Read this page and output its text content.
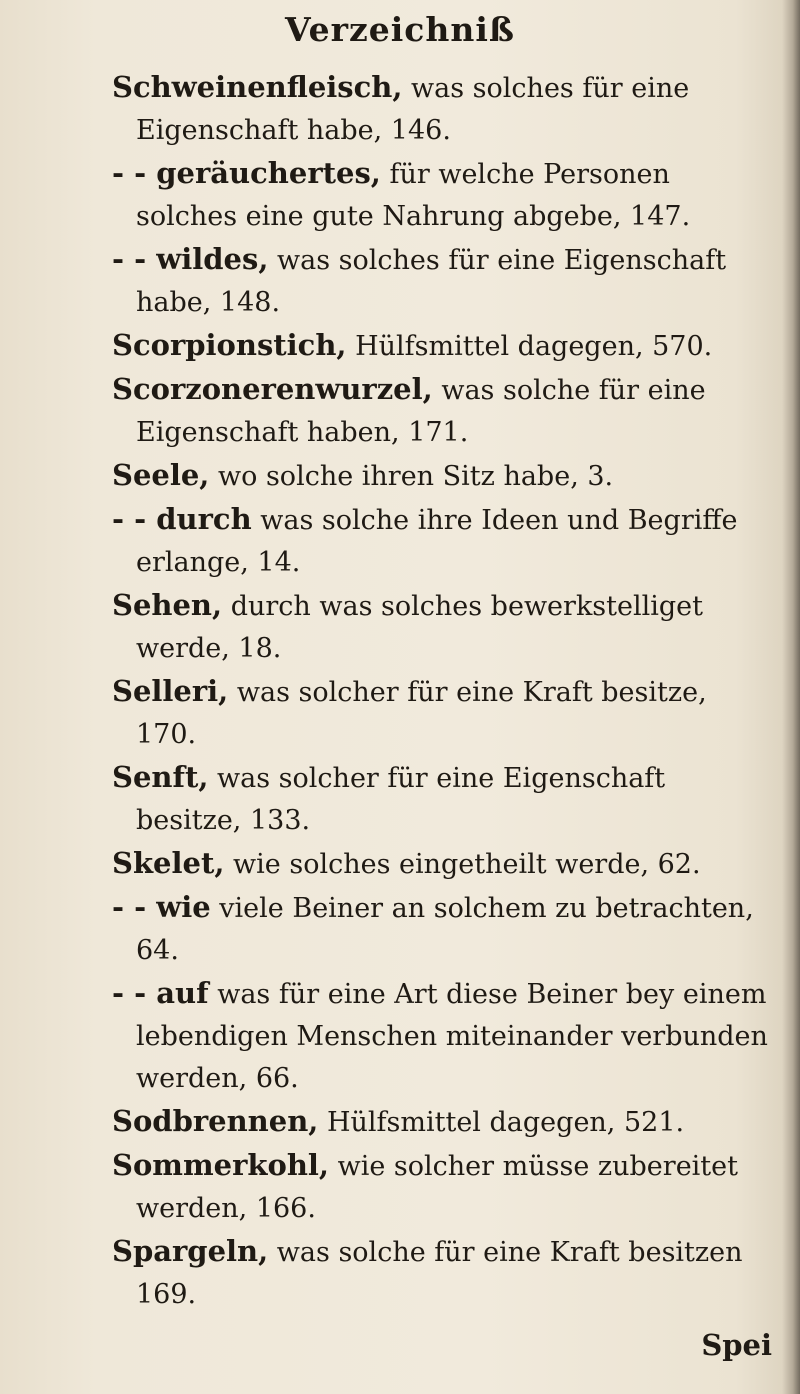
Verzeichniß

Schweinenfleisch, was solches für eine Eigenschaft habe, 146.

- - geräuchertes, für welche Personen solches eine gute Nahrung abgebe, 147.

- - wildes, was solches für eine Eigenschaft habe, 148.

Scorpionstich, Hülfsmittel dagegen, 570.

Scorzonerenwurzel, was solche für eine Eigenschaft haben, 171.

Seele, wo solche ihren Sitz habe, 3.

- - durch was solche ihre Ideen und Begriffe erlange, 14.

Sehen, durch was solches bewerkstelliget werde, 18.

Selleri, was solcher für eine Kraft besitze, 170.

Senft, was solcher für eine Eigenschaft besitze, 133.

Skelet, wie solches eingetheilt werde, 62.

- - wie viele Beiner an solchem zu betrachten, 64.

- - auf was für eine Art diese Beiner bey einem lebendigen Menschen miteinander verbunden werden, 66.

Sodbrennen, Hülfsmittel dagegen, 521.

Sommerkohl, wie solcher müsse zubereitet werden, 166.

Spargeln, was solche für eine Kraft besitzen 169.

Spei
